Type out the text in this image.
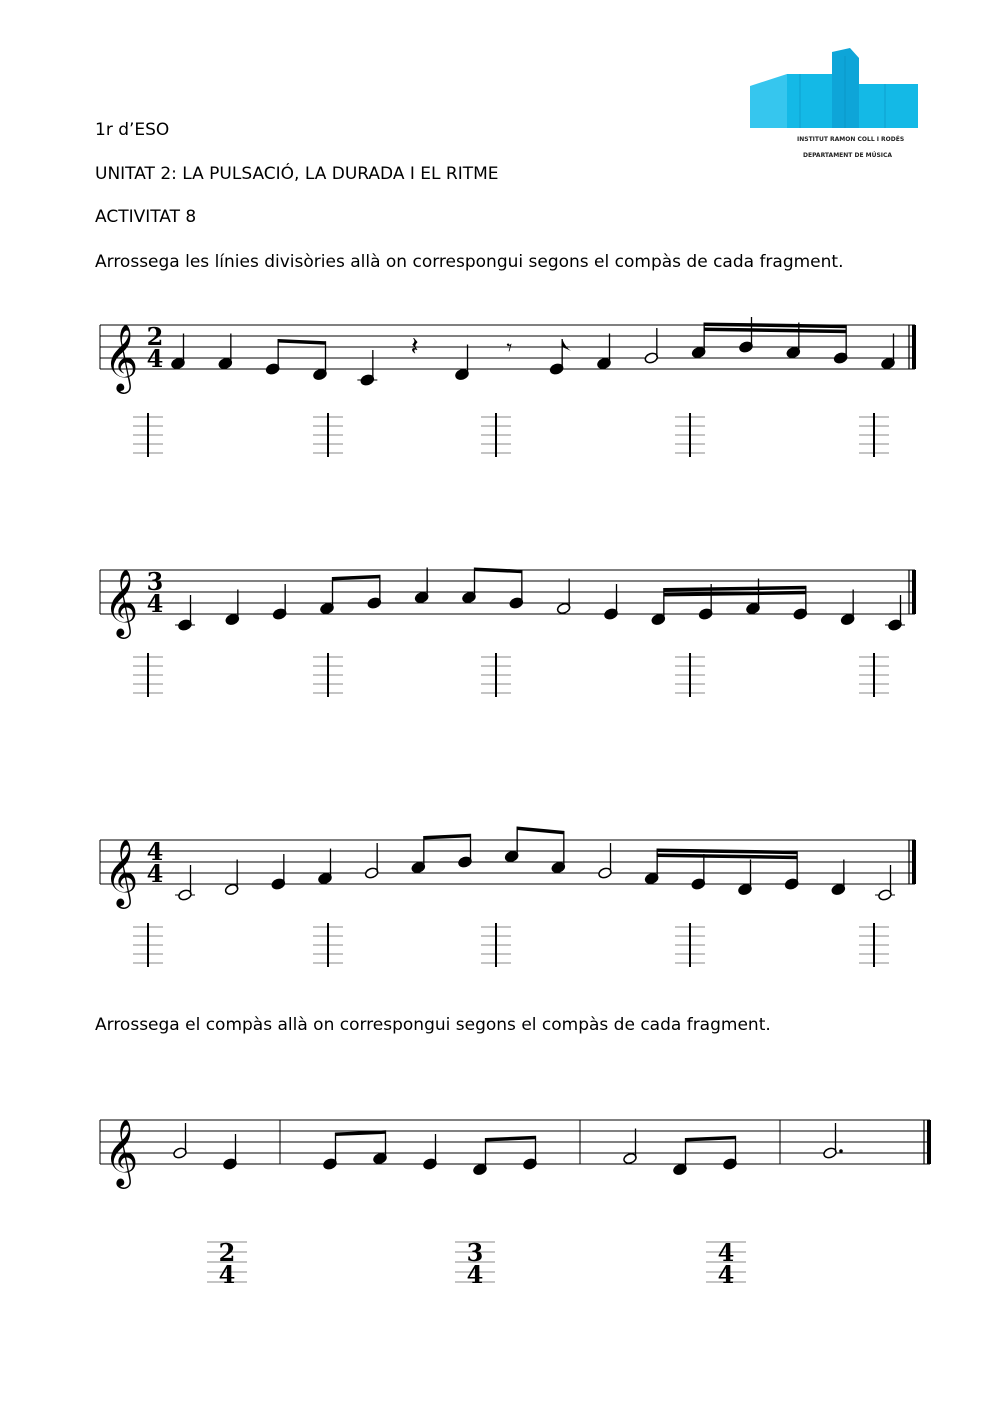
1r d’ESO
UNITAT 2: LA PULSACIÓ, LA DURADA I EL RITME
ACTIVITAT 8
Arrossega les línies divisòries allà on correspongui segons el compàs de cada fragment.
Arrossega el compàs allà on correspongui segons el compàs de cada fragment.
INSTITUT RAMON COLL I RODÉS
DEPARTAMENT DE MÚSICA
𝄞 2
4	𝄽	𝄾
𝄞 3
4
𝄞 4
4
𝄞
2
4
3
4
4
4
